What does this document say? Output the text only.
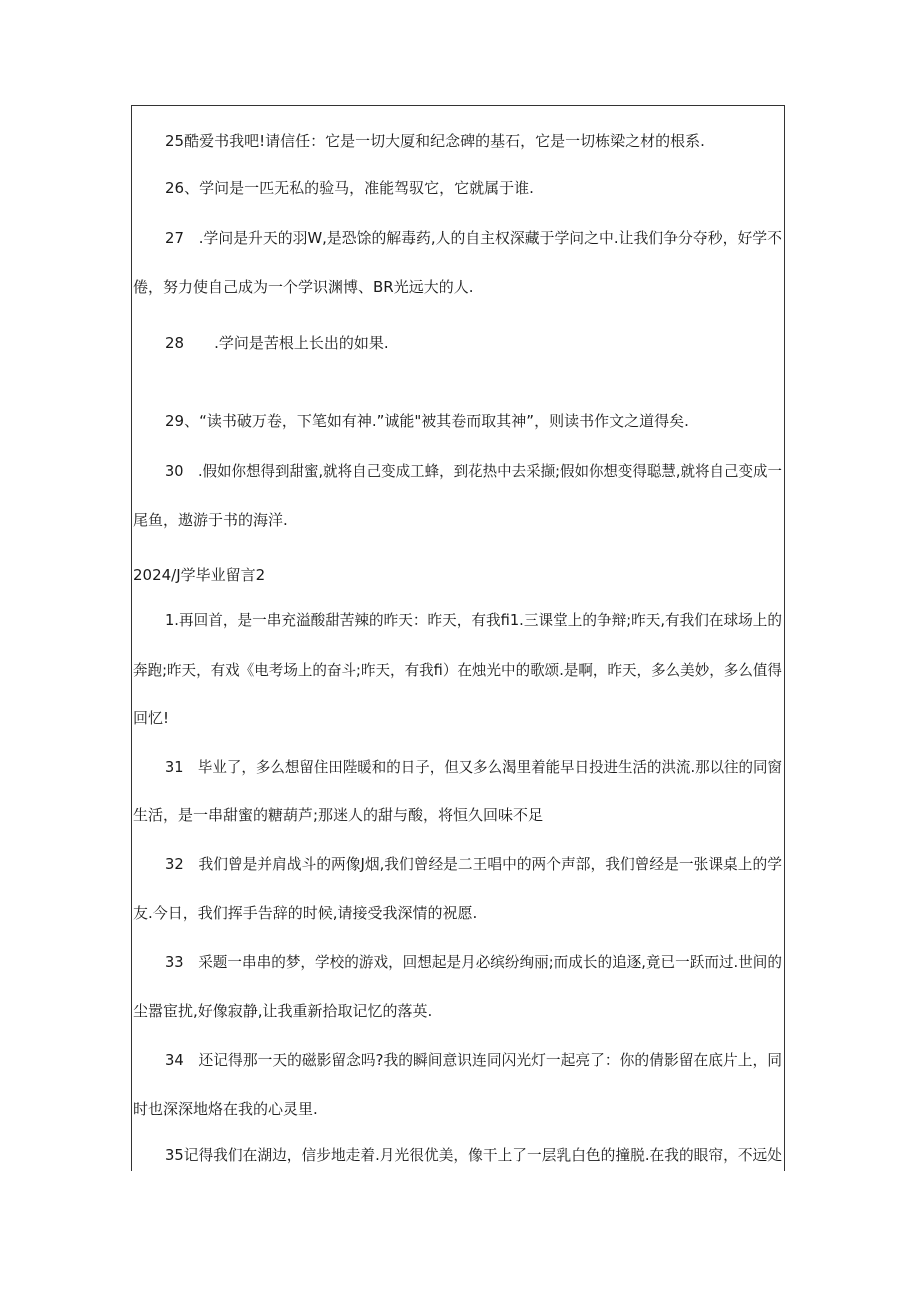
25酷爱书我吧!请信任：它是一切大厦和纪念碑的基石，它是一切栋梁之材的根系.
26、学问是一匹无私的验马，准能驾驭它，它就属于谁.
27　.学问是升天的羽W,是恐馀的解毒药,人的自主权深藏于学问之中.让我们争分夺秒，好学不
倦，努力使自己成为一个学识渊博、BR光远大的人.
28　　.学问是苦根上长出的如果.
29、“读书破万卷，下笔如有神.”诚能"被其卷而取其神”，则读书作文之道得矣.
30　.假如你想得到甜蜜,就将自己变成工蜂，到花热中去采撷;假如你想变得聪慧,就将自己变成一
尾鱼，遨游于书的海洋.
2024/J学毕业留言2
1.再回首，是一串充溢酸甜苦辣的昨天：昨天，有我fi1.三课堂上的争辩;昨天,有我们在球场上的
奔跑;昨天，有戏《电考场上的奋斗;昨天，有我fi）在烛光中的歌颂.是啊，昨天，多么美妙，多么值得
回忆!
31　毕业了，多么想留住田陛暖和的日子，但又多么渴里着能早日投进生活的洪流.那以往的同窗
生活，是一串甜蜜的糖葫芦;那迷人的甜与酸，将恒久回味不足
32　我们曾是并肩战斗的两像J烟,我们曾经是二王唱中的两个声部，我们曾经是一张课桌上的学
友.今日，我们挥手告辞的时候,请接受我深情的祝愿.
33　采题一串串的梦，学校的游戏，回想起是月必缤纷绚丽;而成长的追逐,竟已一跃而过.世间的
尘嚣宦扰,好像寂静,让我重新拾取记忆的落英.
34　还记得那一天的磁影留念吗?我的瞬间意识连同闪光灯一起亮了：你的倩影留在底片上，同
时也深深地烙在我的心灵里.
35记得我们在湖边，信步地走着.月光很优美，像干上了一层乳白色的撞脱.在我的眼帘，不远处
